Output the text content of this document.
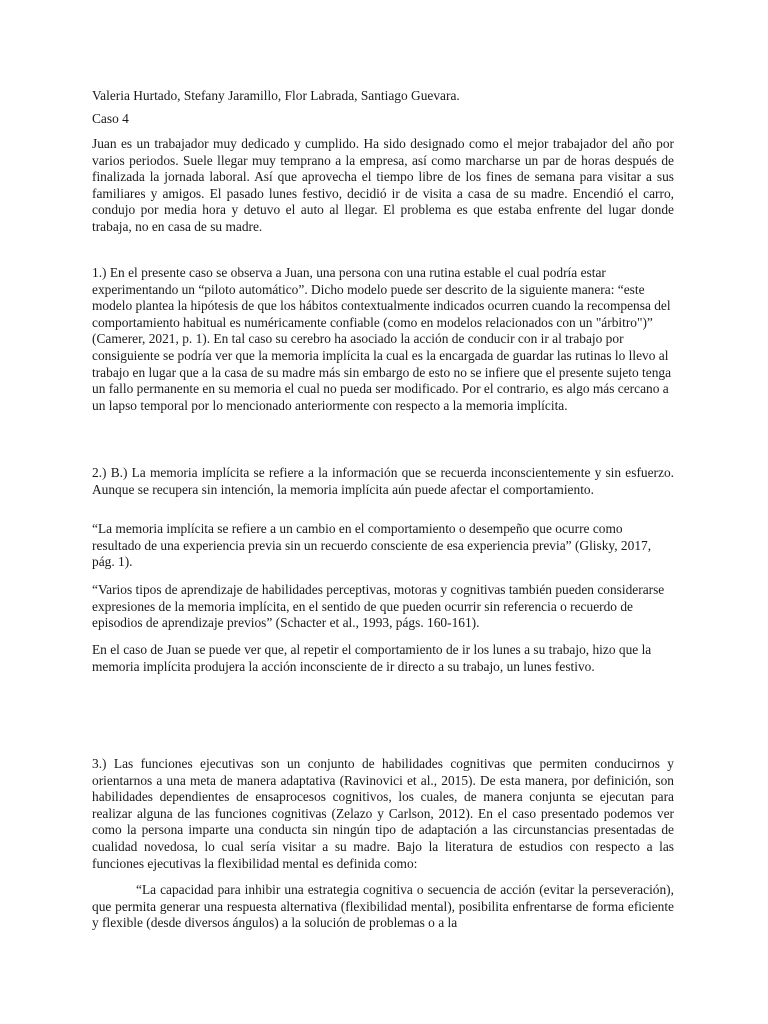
Valeria Hurtado, Stefany Jaramillo, Flor Labrada, Santiago Guevara.

Caso 4

Juan es un trabajador muy dedicado y cumplido. Ha sido designado como el mejor trabajador del año por varios periodos. Suele llegar muy temprano a la empresa, así como marcharse un par de horas después de finalizada la jornada laboral. Así que aprovecha el tiempo libre de los fines de semana para visitar a sus familiares y amigos. El pasado lunes festivo, decidió ir de visita a casa de su madre. Encendió el carro, condujo por media hora y detuvo el auto al llegar. El problema es que estaba enfrente del lugar donde trabaja, no en casa de su madre.

1.) En el presente caso se observa a Juan, una persona con una rutina estable el cual podría estar experimentando un “piloto automático”. Dicho modelo puede ser descrito de la siguiente manera: “este modelo plantea la hipótesis de que los hábitos contextualmente indicados ocurren cuando la recompensa del comportamiento habitual es numéricamente confiable (como en modelos relacionados con un "árbitro")” (Camerer, 2021, p. 1). En tal caso su cerebro ha asociado la acción de conducir con ir al trabajo por consiguiente se podría ver que la memoria implícita la cual es la encargada de guardar las rutinas lo llevo al trabajo en lugar que a la casa de su madre más sin embargo de esto no se infiere que el presente sujeto tenga un fallo permanente en su memoria el cual no pueda ser modificado. Por el contrario, es algo más cercano a un lapso temporal por lo mencionado anteriormente con respecto a la memoria implícita.

2.) B.) La memoria implícita se refiere a la información que se recuerda inconscientemente y sin esfuerzo. Aunque se recupera sin intención, la memoria implícita aún puede afectar el comportamiento.

“La memoria implícita se refiere a un cambio en el comportamiento o desempeño que ocurre como resultado de una experiencia previa sin un recuerdo consciente de esa experiencia previa” (Glisky, 2017, pág. 1).

“Varios tipos de aprendizaje de habilidades perceptivas, motoras y cognitivas también pueden considerarse expresiones de la memoria implícita, en el sentido de que pueden ocurrir sin referencia o recuerdo de episodios de aprendizaje previos” (Schacter et al., 1993, págs. 160-161).

En el caso de Juan se puede ver que, al repetir el comportamiento de ir los lunes a su trabajo, hizo que la memoria implícita produjera la acción inconsciente de ir directo a su trabajo, un lunes festivo.

3.) Las funciones ejecutivas son un conjunto de habilidades cognitivas que permiten conducirnos y orientarnos a una meta de manera adaptativa (Ravinovici et al., 2015). De esta manera, por definición, son habilidades dependientes de ensaprocesos cognitivos, los cuales, de manera conjunta se ejecutan para realizar alguna de las funciones cognitivas (Zelazo y Carlson, 2012). En el caso presentado podemos ver como la persona imparte una conducta sin ningún tipo de adaptación a las circunstancias presentadas de cualidad novedosa, lo cual sería visitar a su madre. Bajo la literatura de estudios con respecto a las funciones ejecutivas la flexibilidad mental es definida como:

“La capacidad para inhibir una estrategia cognitiva o secuencia de acción (evitar la perseveración), que permita generar una respuesta alternativa (flexibilidad mental), posibilita enfrentarse de forma eficiente y flexible (desde diversos ángulos) a la solución de problemas o a la
